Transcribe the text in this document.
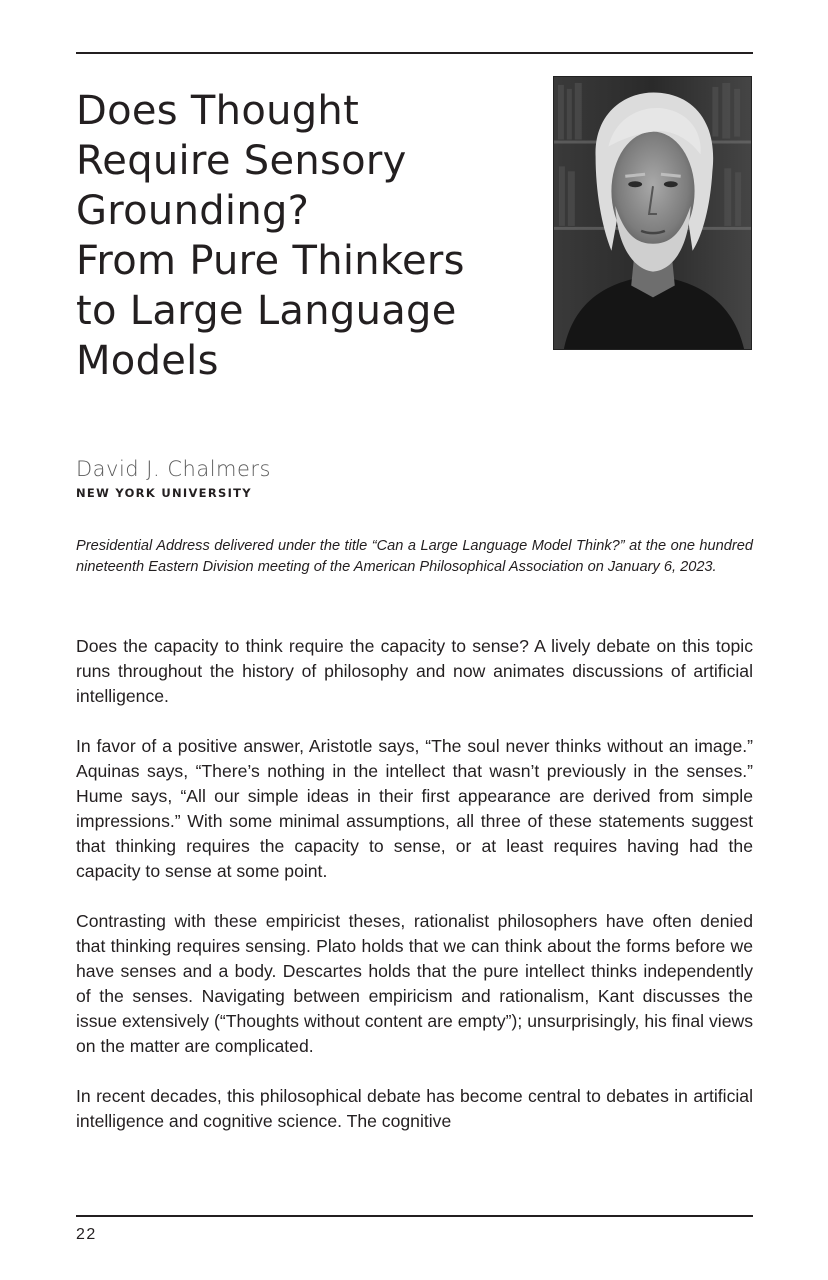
Does Thought
Require Sensory
Grounding?
From Pure Thinkers
to Large Language
Models

David J. Chalmers

NEW YORK UNIVERSITY

Presidential Address delivered under the title “Can a Large Language Model Think?” at the one hundred nineteenth Eastern Division meeting of the American Philosophical Association on January 6, 2023.

Does the capacity to think require the capacity to sense? A lively debate on this topic runs throughout the history of philosophy and now animates discussions of artificial intelligence.

In favor of a positive answer, Aristotle says, “The soul never thinks without an image.” Aquinas says, “There’s nothing in the intellect that wasn’t previously in the senses.” Hume says, “All our simple ideas in their first appearance are derived from simple impressions.” With some minimal assumptions, all three of these statements suggest that thinking requires the capacity to sense, or at least requires having had the capacity to sense at some point.

Contrasting with these empiricist theses, rationalist philosophers have often denied that thinking requires sensing. Plato holds that we can think about the forms before we have senses and a body. Descartes holds that the pure intellect thinks independently of the senses. Navigating between empiricism and rationalism, Kant discusses the issue extensively (“Thoughts without content are empty”); unsurprisingly, his final views on the matter are complicated.

In recent decades, this philosophical debate has become central to debates in artificial intelligence and cognitive science. The cognitive

22
